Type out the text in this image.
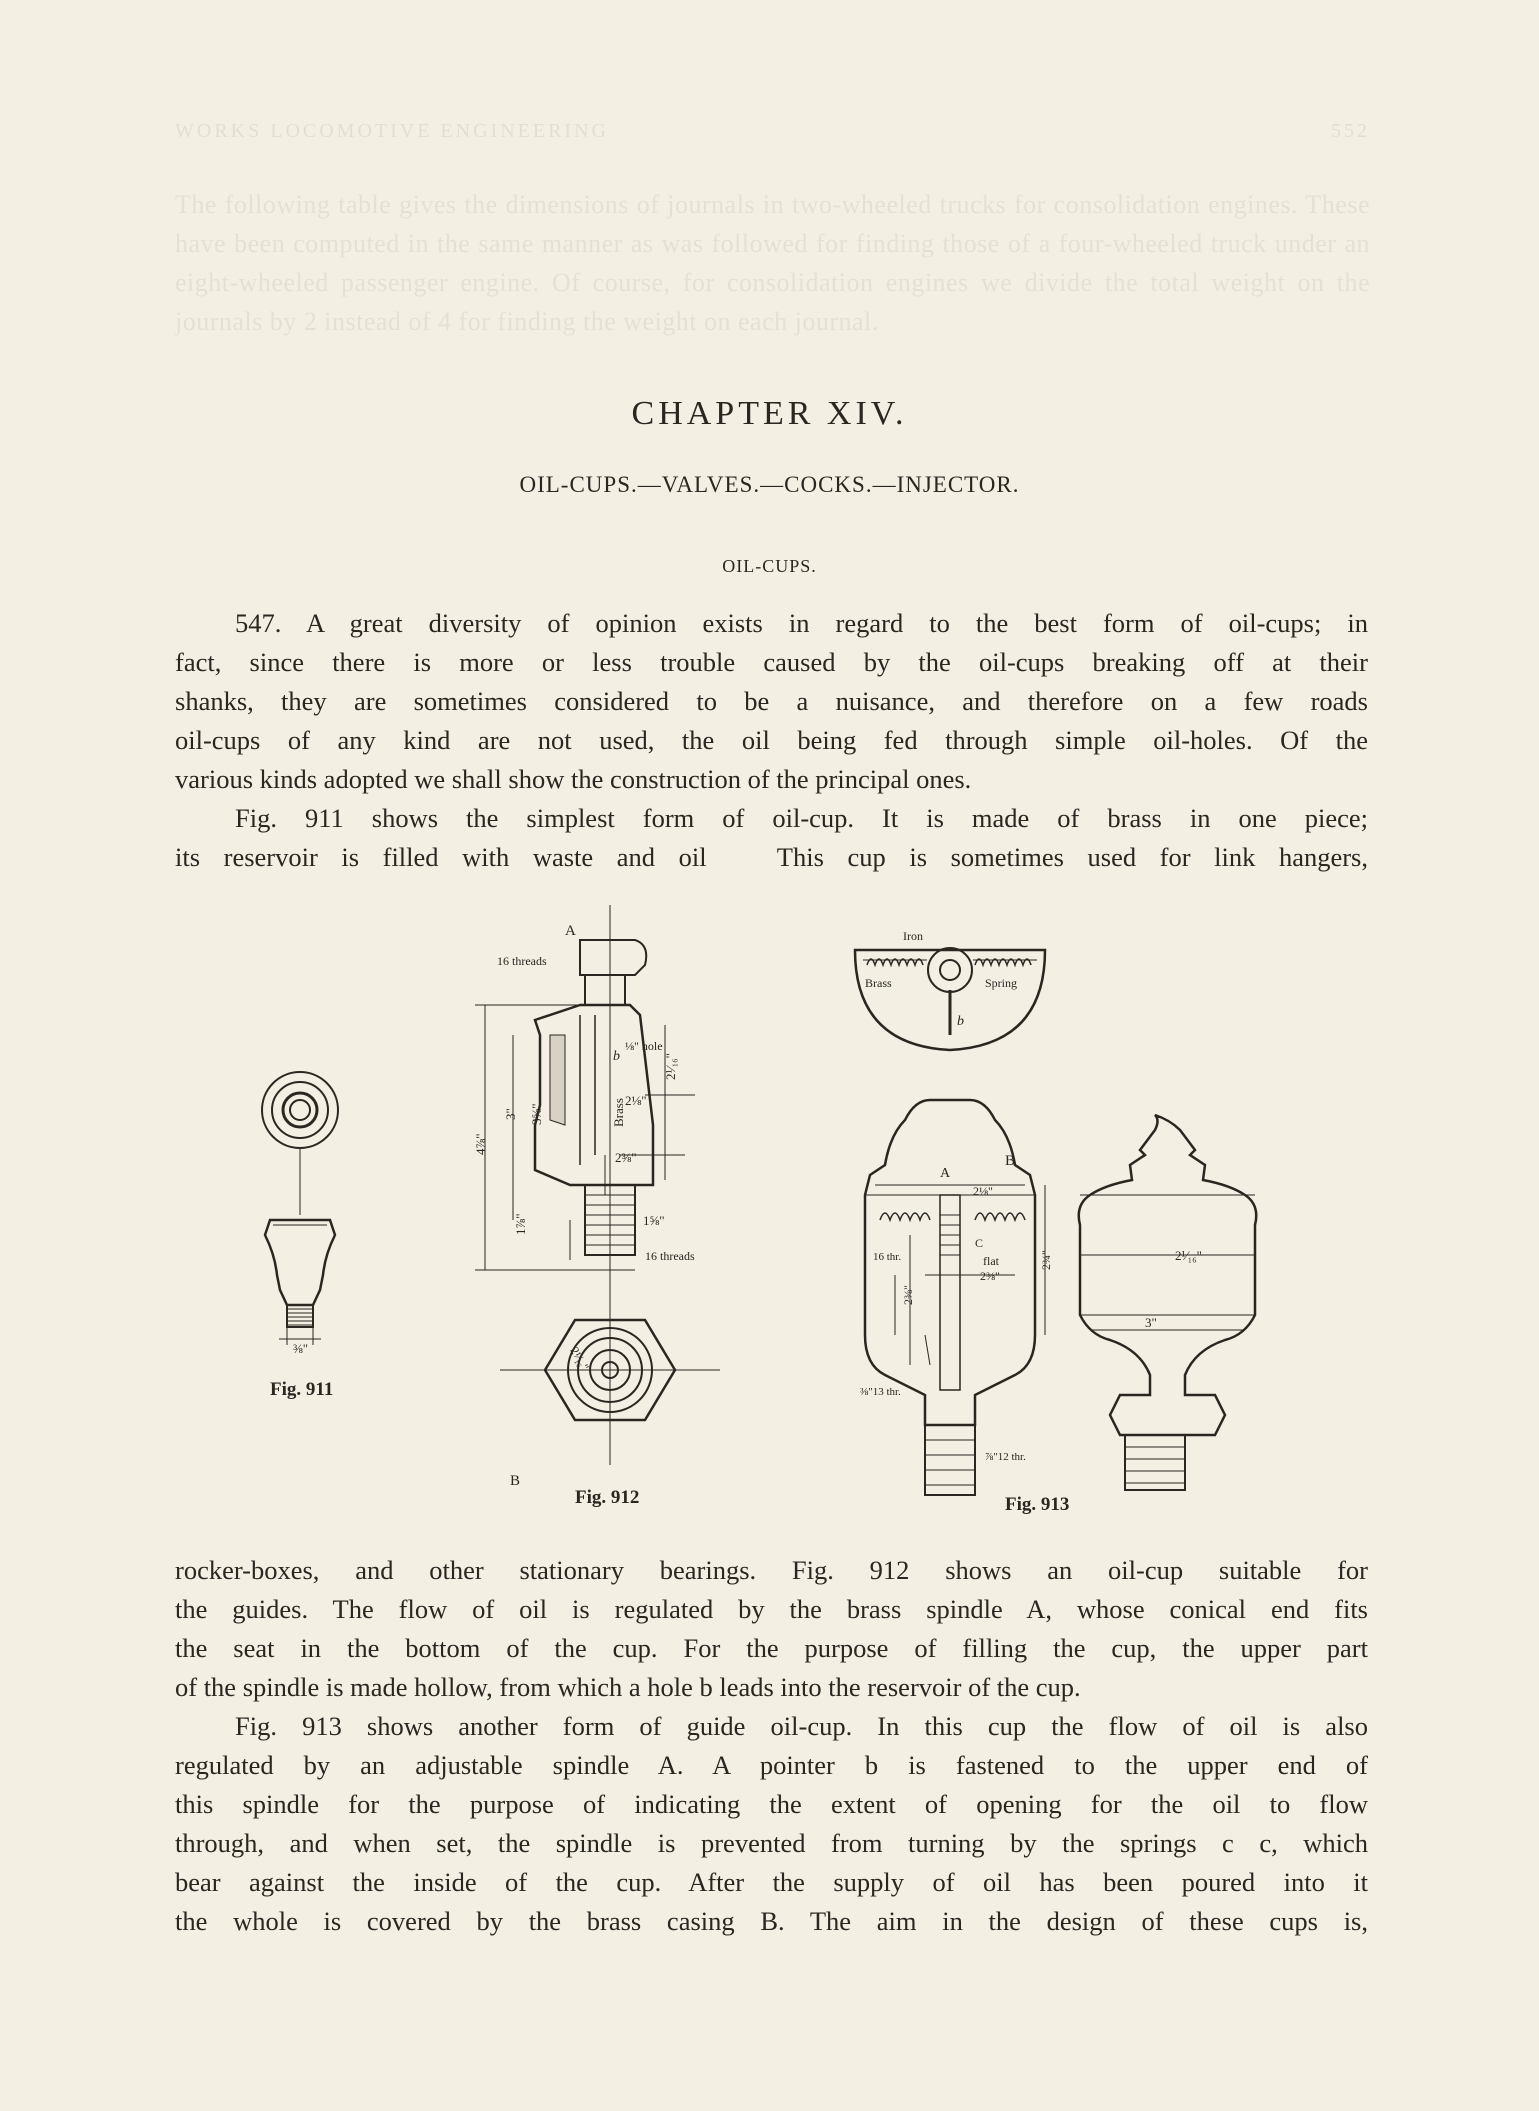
WORKS LOCOMOTIVE ENGINEERING	552
The following table gives the dimensions of journals in two-wheeled trucks for consolidation engines. These have been computed in the same manner as was followed for finding those of a four-wheeled truck under an eight-wheeled passenger engine. Of course, for consolidation engines we divide the total weight on the journals by 2 instead of 4 for finding the weight on each journal.
CHAPTER XIV.
OIL-CUPS.—VALVES.—COCKS.—INJECTOR.
OIL-CUPS.
547. A great diversity of opinion exists in regard to the best form of oil-cups; in
fact, since there is more or less trouble caused by the oil-cups breaking off at their
shanks, they are sometimes considered to be a nuisance, and therefore on a few roads
oil-cups of any kind are not used, the oil being fed through simple oil-holes. Of the
various kinds adopted we shall show the construction of the principal ones.
Fig. 911 shows the simplest form of oil-cup. It is made of brass in one piece;
its reservoir is filled with waste and oil   This cup is sometimes used for link hangers,
Fig. 911
⅜"
A
16 threads
⅛" hole
b
2⅛"
2⅜"
2¹⁄₁₆"
1⅝"
Brass
3" 3⅝"
4⅞"
1⅞"
16 threads
2¹⁄₁₆"
B
Fig. 912
Iron
Brass	Spring
b
B
A
2⅛"
C
flat
16 thr.
2⅜"
2¾"
2⅜"
⅜"13 thr.
⅞"12 thr.
2¹⁄₁₆"
3"
Fig. 913
rocker-boxes, and other stationary bearings. Fig. 912 shows an oil-cup suitable for
the guides. The flow of oil is regulated by the brass spindle A, whose conical end fits
the seat in the bottom of the cup. For the purpose of filling the cup, the upper part
of the spindle is made hollow, from which a hole b leads into the reservoir of the cup.
Fig. 913 shows another form of guide oil-cup. In this cup the flow of oil is also
regulated by an adjustable spindle A. A pointer b is fastened to the upper end of
this spindle for the purpose of indicating the extent of opening for the oil to flow
through, and when set, the spindle is prevented from turning by the springs c c, which
bear against the inside of the cup. After the supply of oil has been poured into it
the whole is covered by the brass casing B. The aim in the design of these cups is,
